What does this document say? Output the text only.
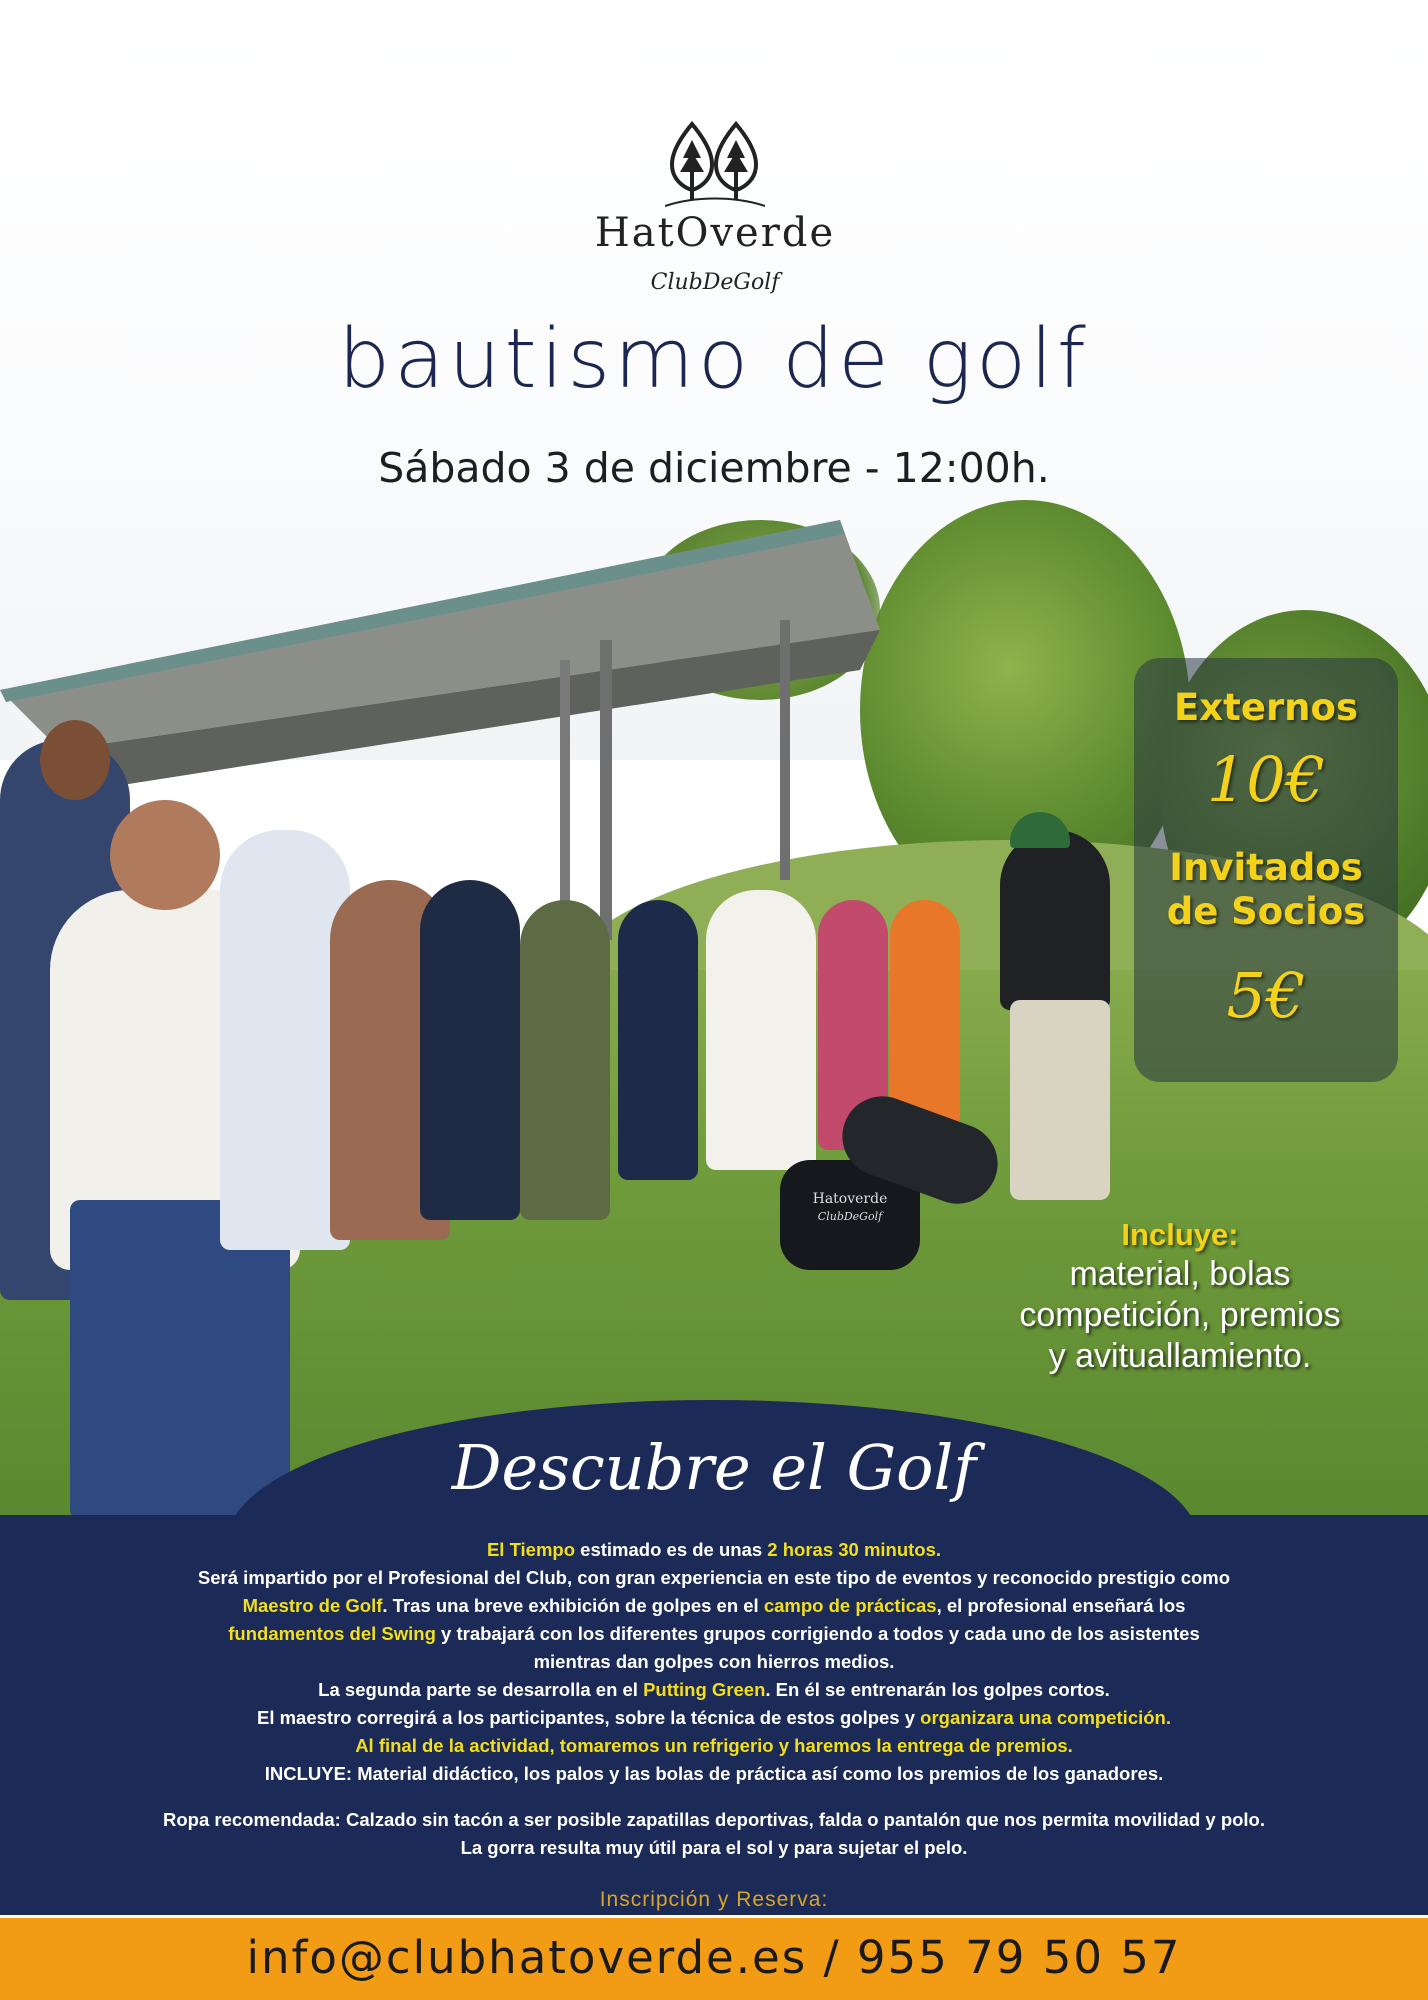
HatOverde
ClubDeGolf
bautismo de golf
Sábado 3 de diciembre - 12:00h.
Hatoverde
ClubDeGolf
Externos
10€
Invitados
de Socios
5€
Incluye:
material, bolas
competición, premios
y avituallamiento.
Descubre el Golf
El Tiempo estimado es de unas 2 horas 30 minutos.
Será impartido por el Profesional del Club, con gran experiencia en este tipo de eventos y reconocido prestigio como
Maestro de Golf. Tras una breve exhibición de golpes en el campo de prácticas, el profesional enseñará los
fundamentos del Swing y trabajará con los diferentes grupos corrigiendo a todos y cada uno de los asistentes
mientras dan golpes con hierros medios.
La segunda parte se desarrolla en el Putting Green. En él se entrenarán los golpes cortos.
El maestro corregirá a los participantes, sobre la técnica de estos golpes y organizara una competición.
Al final de la actividad, tomaremos un refrigerio y haremos la entrega de premios.
INCLUYE: Material didáctico, los palos y las bolas de práctica así como los premios de los ganadores.
Ropa recomendada: Calzado sin tacón a ser posible zapatillas deportivas, falda o pantalón que nos permita movilidad y polo.
La gorra resulta muy útil para el sol y para sujetar el pelo.
Inscripción y Reserva:
info@clubhatoverde.es / 955 79 50 57
